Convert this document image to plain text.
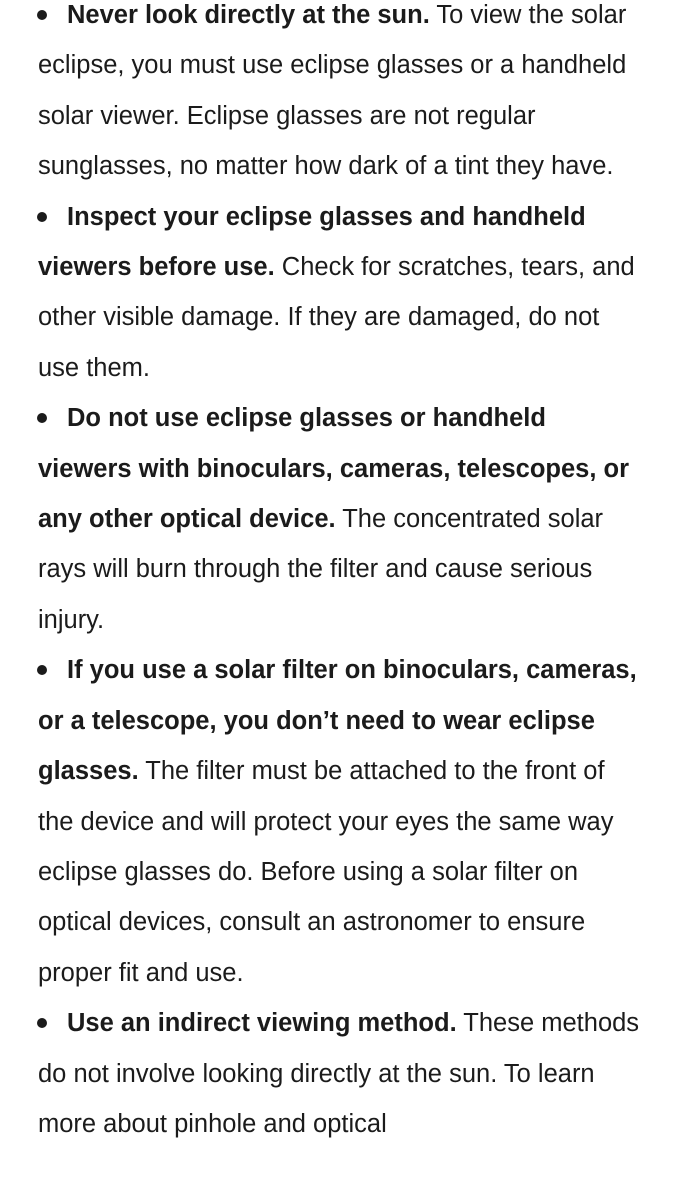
Never look directly at the sun. To view the solar eclipse, you must use eclipse glasses or a handheld solar viewer. Eclipse glasses are not regular sunglasses, no matter how dark of a tint they have.
Inspect your eclipse glasses and handheld viewers before use. Check for scratches, tears, and other visible damage. If they are damaged, do not use them.
Do not use eclipse glasses or handheld viewers with binoculars, cameras, telescopes, or any other optical device. The concentrated solar rays will burn through the filter and cause serious injury.
If you use a solar filter on binoculars, cameras, or a telescope, you don’t need to wear eclipse glasses. The filter must be attached to the front of the device and will protect your eyes the same way eclipse glasses do. Before using a solar filter on optical devices, consult an astronomer to ensure proper fit and use.
Use an indirect viewing method. These methods do not involve looking directly at the sun. To learn more about pinhole and optical
